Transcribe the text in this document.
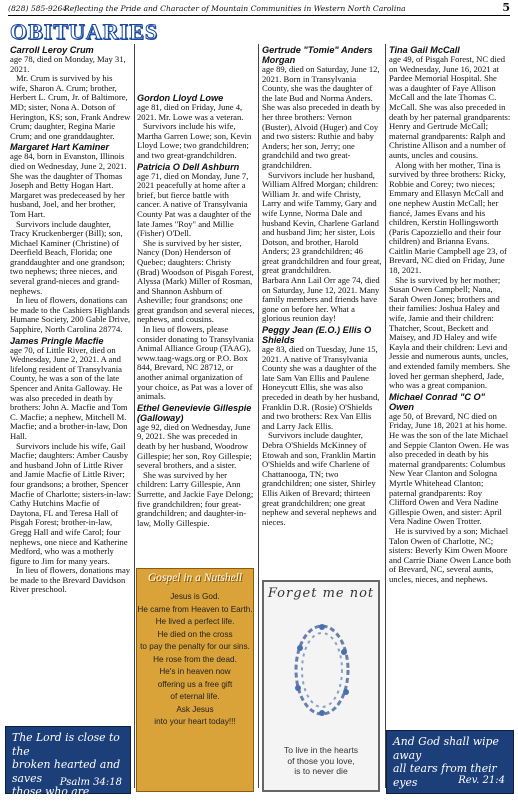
(828) 585-9264
Reflecting the Pride and Character of Mountain Communities in Western North Carolina	5
OBITUARIES
Carroll Leroy Crum

age 78, died on Monday, May 31, 2021.

Mr. Crum is survived by his wife, Sharon A. Crum; brother, Herbert L. Crum, Jr. of Baltimore, MD; sister, Nona A. Dotson of Herington, KS; son, Frank Andrew Crum; daughter, Regina Marie Crum; and one granddaughter.

Margaret Hart Kaminer

age 84, born in Evanston, Illinois died on Wednesday, June 2, 2021. She was the daughter of Thomas Joseph and Betty Hogan Hart. Margaret was predeceased by her husband, Joel, and her brother, Tom Hart.

Survivors include daughter, Tracy Kruckenberger (Bill); son, Michael Kaminer (Christine) of Deerfield Beach, Florida; one granddaughter and one grandson; two nephews; three nieces, and several grand-nieces and grand-nephews.

In lieu of flowers, donations can be made to the Cashiers Highlands Humane Society, 200 Gable Drive, Sapphire, North Carolina 28774.

James Pringle Macfie

age 70, of Little River, died on Wednesday, June 2, 2021. A and lifelong resident of Transylvania County, he was a son of the late Spencer and Anita Galloway. He was also preceded in death by brothers: John A. Macfie and Tom C. Macfie; a nephew, Mitchell M. Macfie; and a brother-in-law, Don Hall.

Survivors include his wife, Gail Macfie; daughters: Amber Causby and husband John of Little River and Jamie Macfie of Little River; four grandsons; a brother, Spencer Macfie of Charlotte; sisters-in-law: Cathy Hutchins Macfie of Daytona, FL and Teresa Hall of Pisgah Forest; brother-in-law, Gregg Hall and wife Carol; four nephews, one niece and Katherine Medford, who was a motherly figure to Jim for many years.

In lieu of flowers, donations may be made to the Brevard Davidson River preschool.

Gordon Lloyd Lowe

age 81, died on Friday, June 4, 2021. Mr. Lowe was a veteran.

Survivors include his wife, Martha Garren Lowe; son, Kevin Lloyd Lowe; two grandchildren; and two great-grandchildren.

Patricia O Dell Ashburn

age 71, died on Monday, June 7, 2021 peacefully at home after a brief, but fierce battle with cancer. A native of Transylvania County Pat was a daughter of the late James "Roy" and Millie (Fisher) O'Dell.

She is survived by her sister, Nancy (Don) Henderson of Quebec; daughters: Christy (Brad) Woodson of Pisgah Forest, Alyssa (Mark) Miller of Rosman, and Shannon Ashburn of Asheville; four grandsons; one great grandson and several nieces, nephews, and cousins.

In lieu of flowers, please consider donating to Transylvania Animal Alliance Group (TAAG), www.taag-wags.org or P.O. Box 844, Brevard, NC 28712, or another animal organization of your choice, as Pat was a lover of animals.

Ethel Genevievie Gillespie (Galloway)

age 92, died on Wednesday, June 9, 2021. She was preceded in death by her husband, Woodrow Gillespie; her son, Roy Gillespie; several brothers, and a sister.

She was survived by her children: Larry Gillespie, Ann Surrette, and Jackie Faye Delong; five grandchildren; four great-grandchildren; and daughter-in-law, Molly Gillespie.

Gertrude "Tomie" Anders Morgan

age 89, died on Saturday, June 12, 2021. Born in Transylvania County, she was the daughter of the late Bud and Norma Anders. She was also preceded in death by her three brothers: Vernon (Buster), Alvoid (Huger) and Coy and two sisters: Ruthie and baby Anders; her son, Jerry; one grandchild and two great-grandchildren.

Survivors include her husband, William Alfred Morgan; children: William Jr. and wife Christy, Larry and wife Tammy, Gary and wife Lynne, Norma Dale and husband Kevin, Charlene Garland and husband Jim; her sister, Lois Dotson, and brother, Harold Anders; 23 grandchildren; 46 great grandchildren and four great, great grandchildren.

Barbara Ann Lail Orr age 74, died on Saturday, June 12, 2021. Many family members and friends have gone on before her. What a glorious reunion day!

Peggy Jean (E.O.) Ellis O Shields

age 83, died on Tuesday, June 15, 2021. A native of Transylvania County she was a daughter of the late Sam Van Ellis and Paulene Honeycutt Ellis, she was also preceded in death by her husband, Franklin D.R. (Rosie) O'Shields and two brothers: Rex Van Ellis and Larry Jack Ellis.

Survivors include daughter, Debra O'Shields McKinney of Etowah and son, Franklin Martin O'Shields and wife Charlene of Chattanooga, TN; two grandchildren; one sister, Shirley Ellis Aiken of Brevard; thirteen great grandchildren; one great nephew and several nephews and nieces.

Tina Gail McCall

age 49, of Pisgah Forest, NC died on Wednesday, June 16, 2021 at Pardee Memorial Hospital. She was a daughter of Faye Allison McCall and the late Thomas C. McCall. She was also preceded in death by her paternal grandparents: Henry and Gertrude McCall; maternal grandparents: Ralph and Christine Allison and a number of aunts, uncles and cousins.

Along with her mother, Tina is survived by three brothers: Ricky, Robbie and Corey; two nieces; Emmary and Ellasyn McCall and one nephew Austin McCall; her fiancé, James Evans and his children, Kerstin Hollingsworth (Paris Capozziello and their four children) and Brianna Evans.

Caitlin Marie Campbell age 23, of Brevard, NC died on Friday, June 18, 2021.

She is survived by her mother; Susan Owen Campbell; Nana, Sarah Owen Jones; brothers and their families: Joshua Haley and wife, Jamie and their children: Thatcher, Scout, Beckett and Maisey, and JD Haley and wife Kayla and their children: Levi and Jessie and numerous aunts, uncles, and extended family members. She loved her german shepherd, Jade, who was a great companion.

Michael Conrad "C O" Owen

age 50, of Brevard, NC died on Friday, June 18, 2021 at his home. He was the son of the late Michael and Seppie Clanton Owen. He was also preceded in death by his maternal grandparents: Columbus New Year Clanton and Sologna Myrtle Whitehead Clanton; paternal grandparents: Roy Clifford Owen and Vera Nadine Gillespie Owen, and sister: April Vera Nadine Owen Trotter.

He is survived by a son; Michael Talon Owen of Charlotte, NC; sisters: Beverly Kim Owen Moore and Carrie Diane Owen Lance both of Brevard, NC, several aunts, uncles, nieces, and nephews.

Gospel in a Nutshell
Jesus is God.
He came from Heaven to Earth.
He lived a perfect life.
He died on the cross
to pay the penalty for our sins.
He rose from the dead.
He's in heaven now
offering us a free gift
of eternal life.
Ask Jesus
into your heart today!!!
Forget me not
To live in the hearts
of those you love,
is to never die
The Lord is close to the
broken hearted and saves
those who are crushed in spirit.
Psalm 34:18
And God shall wipe away
all tears from their eyes	Rev. 21:4
